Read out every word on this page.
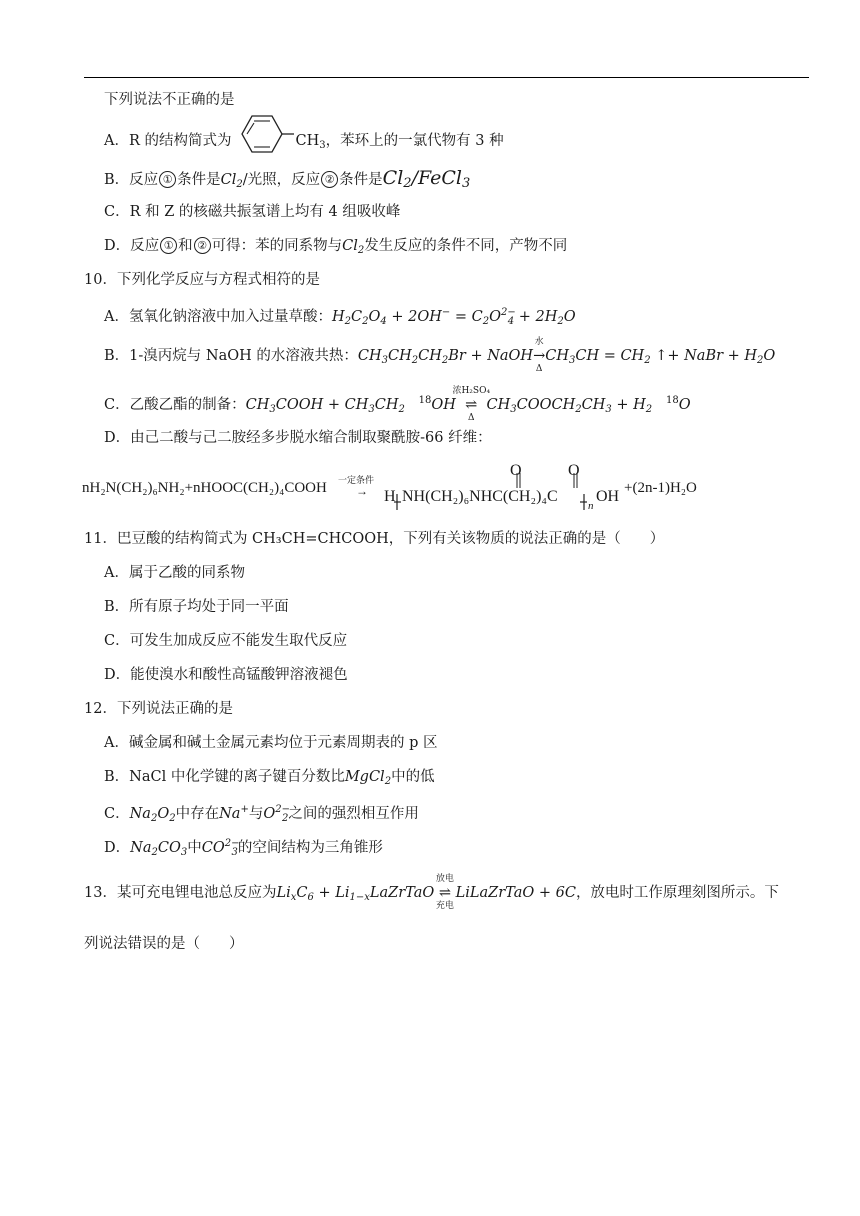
下列说法不正确的是
A．R 的结构简式为	$CH_3$，苯环上的一氯代物有 3 种
B．反应 ① 条件是$Cl_2/$光照，反应 ② 条件是Cl2/FeCl3
C．R 和 Z 的核磁共振氢谱上均有 4 组吸收峰
D．反应 ① 和 ② 可得：苯的同系物与$Cl_2$发生反应的条件不同，产物不同
10．下列化学反应与方程式相符的是
A．氢氧化钠溶液中加入过量草酸：$H_2C_2O_4 + 2OH^- = C_2O^{2-}_4 + 2H_2O$
B．1-溴丙烷与 NaOH 的水溶液共热：$CH_3CH_2CH_2Br$ + NaOH
水
→
Δ
$CH_3CH = CH_2$ ↑+ NaBr + $H_2O$
C．乙酸乙酯的制备：$CH_3COOH + CH_3CH_2$   $^{18}$OH
浓H₂SO₄
⇌
Δ
$CH_3COOCH_2CH_3 + H_2$   $^{18}$O
D．由己二酸与己二胺经多步脱水缩合制取聚酰胺-66 纤维：
nH₂N(CH₂)₆NH₂+nHOOC(CH₂)₄COOH 一定条件
→ H
O	O
NH(CH₂)₆NHC(CH₂)₄C
n
OH +(2n-1)H₂O
11．巴豆酸的结构简式为 CH₃CH=CHCOOH，下列有关该物质的说法正确的是（　　）
A．属于乙酸的同系物
B．所有原子均处于同一平面
C．可发生加成反应不能发生取代反应
D．能使溴水和酸性高锰酸钾溶液褪色
12．下列说法正确的是
A．碱金属和碱土金属元素均位于元素周期表的 p 区
B．NaCl 中化学键的离子键百分数比MgCl$_2$中的低
C．$Na_2O_2$中存在Na+与$O^{2-}_2$之间的强烈相互作用
D．$Na_2CO_3$中$CO^{2-}_3$的空间结构为三角锥形
13．某可充电锂电池总反应为$Li_xC_6$ + $Li_{1-x}LaZrTaO$
放电
⇌
充电
LiLaZrTaO + 6C，放电时工作原理刻图所示。下
列说法错误的是（　　）
